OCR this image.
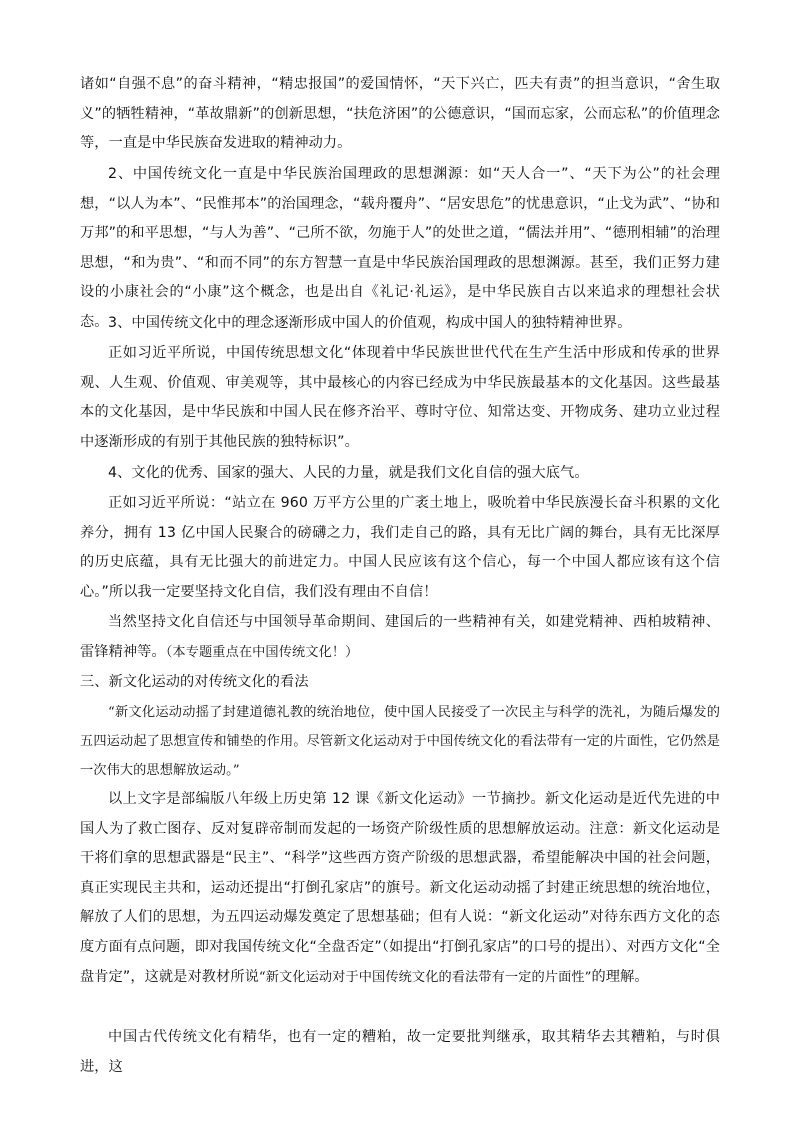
诸如“自强不息”的奋斗精神，“精忠报国”的爱国情怀，“天下兴亡，匹夫有责”的担当意识，“舍生取义”的牺牲精神，“革故鼎新”的创新思想，“扶危济困”的公德意识，“国而忘家，公而忘私”的价值理念等，一直是中华民族奋发进取的精神动力。

2、中国传统文化一直是中华民族治国理政的思想渊源：如“天人合一”、“天下为公”的社会理想，“以人为本”、“民惟邦本”的治国理念，“载舟覆舟”、“居安思危”的忧患意识，“止戈为武”、“协和万邦”的和平思想，“与人为善”、“己所不欲，勿施于人”的处世之道，“儒法并用”、“德刑相辅”的治理思想，“和为贵”、“和而不同”的东方智慧一直是中华民族治国理政的思想渊源。甚至，我们正努力建设的小康社会的“小康”这个概念，也是出自《礼记·礼运》，是中华民族自古以来追求的理想社会状态。 3、中国传统文化中的理念逐渐形成中国人的价值观，构成中国人的独特精神世界。

正如习近平所说，中国传统思想文化“体现着中华民族世世代代在生产生活中形成和传承的世界观、人生观、价值观、审美观等，其中最核心的内容已经成为中华民族最基本的文化基因。这些最基本的文化基因，是中华民族和中国人民在修齐治平、尊时守位、知常达变、开物成务、建功立业过程中逐渐形成的有别于其他民族的独特标识”。

4、文化的优秀、国家的强大、人民的力量，就是我们文化自信的强大底气。

正如习近平所说：“站立在 960 万平方公里的广袤土地上，吸吮着中华民族漫长奋斗积累的文化养分，拥有 13 亿中国人民聚合的磅礴之力，我们走自己的路，具有无比广阔的舞台，具有无比深厚的历史底蕴，具有无比强大的前进定力。中国人民应该有这个信心，每一个中国人都应该有这个信心。”所以我一定要坚持文化自信，我们没有理由不自信！

当然坚持文化自信还与中国领导革命期间、建国后的一些精神有关，如建党精神、西柏坡精神、雷锋精神等。（本专题重点在中国传统文化！）

三、新文化运动的对传统文化的看法

“新文化运动动摇了封建道德礼教的统治地位，使中国人民接受了一次民主与科学的洗礼，为随后爆发的五四运动起了思想宣传和铺垫的作用。尽管新文化运动对于中国传统文化的看法带有一定的片面性，它仍然是一次伟大的思想解放运动。”

以上文字是部编版八年级上历史第 12 课《新文化运动》一节摘抄。新文化运动是近代先进的中国人为了救亡图存、反对复辟帝制而发起的一场资产阶级性质的思想解放运动。注意：新文化运动是干将们拿的思想武器是“民主”、“科学”这些西方资产阶级的思想武器，希望能解决中国的社会问题，真正实现民主共和，运动还提出“打倒孔家店”的旗号。新文化运动动摇了封建正统思想的统治地位，解放了人们的思想，为五四运动爆发奠定了思想基础；但有人说：“新文化运动”对待东西方文化的态度方面有点问题，即对我国传统文化“全盘否定”（如提出“打倒孔家店”的口号的提出）、对西方文化“全盘肯定”，这就是对教材所说“新文化运动对于中国传统文化的看法带有一定的片面性”的理解。

中国古代传统文化有精华，也有一定的糟粕，故一定要批判继承，取其精华去其糟粕，与时俱进，这
